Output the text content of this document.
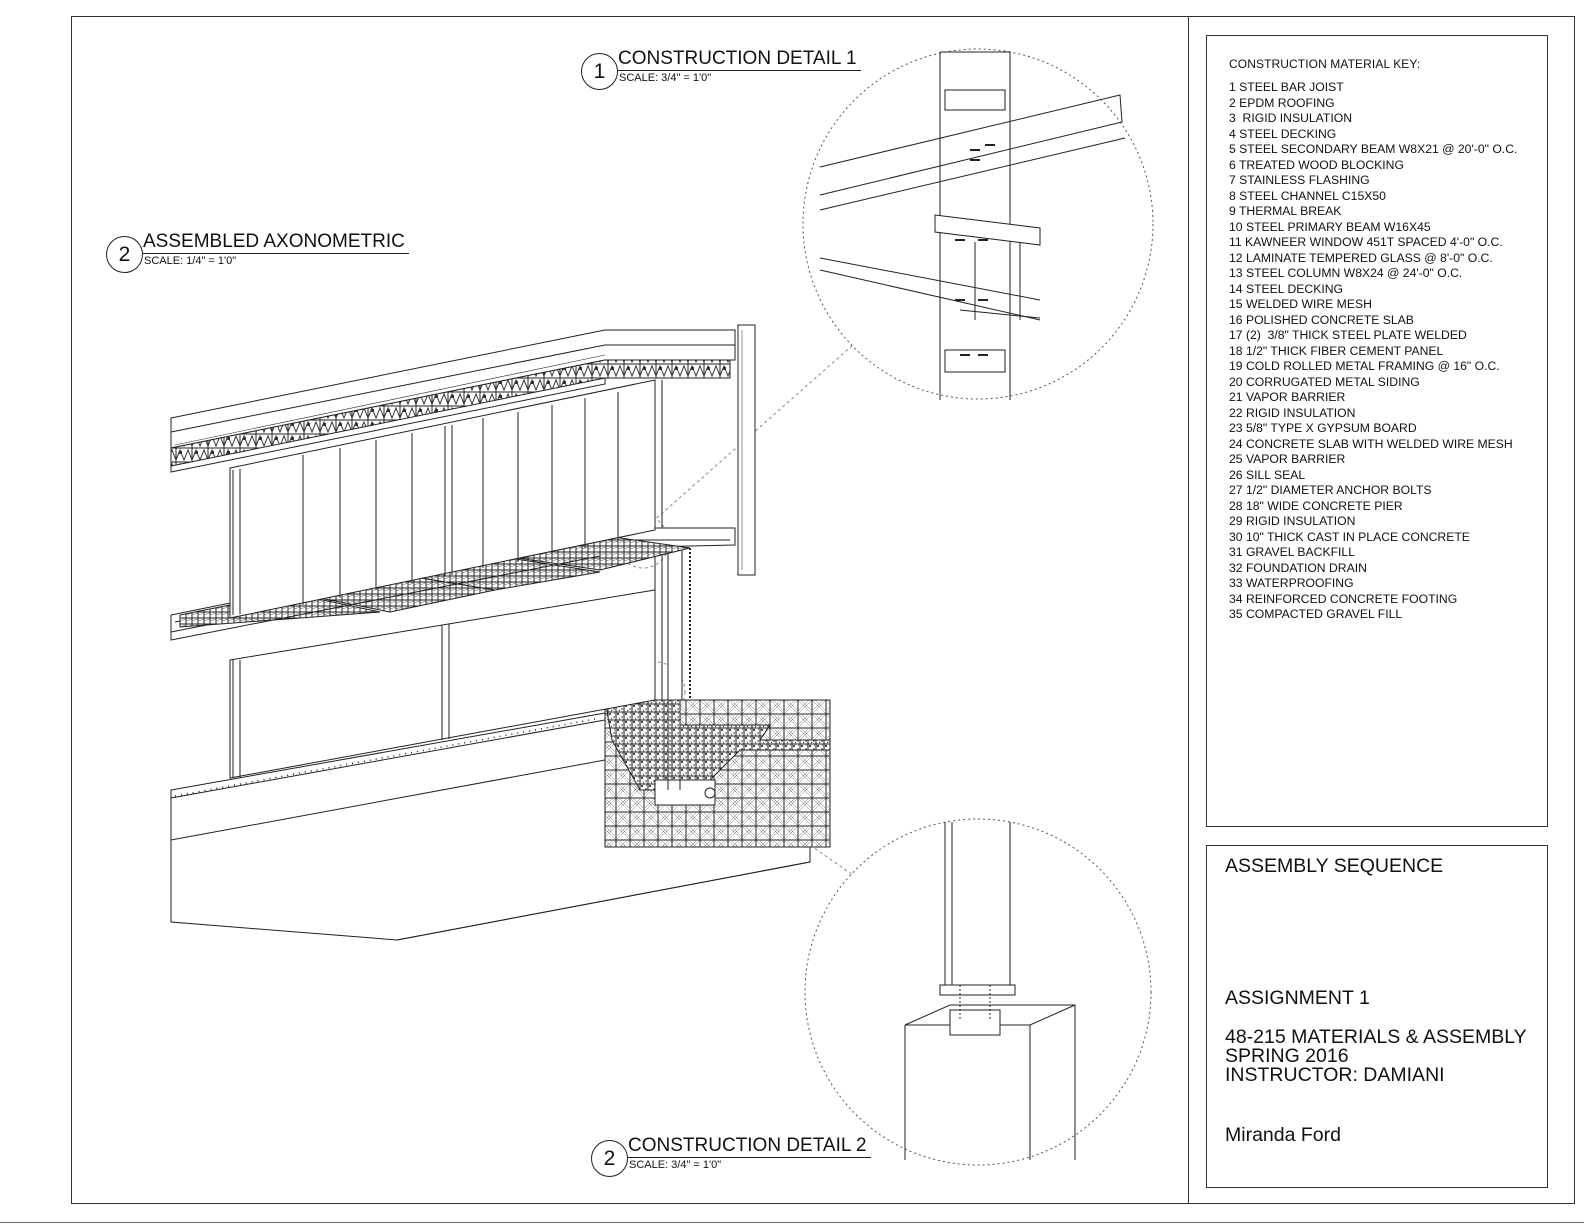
1
CONSTRUCTION DETAIL 1
SCALE: 3/4" = 1'0"
2
ASSEMBLED AXONOMETRIC
SCALE: 1/4" = 1'0"
2
CONSTRUCTION DETAIL 2
SCALE: 3/4" = 1'0"
CONSTRUCTION MATERIAL KEY:
1 STEEL BAR JOIST
2 EPDM ROOFING
3  RIGID INSULATION
4 STEEL DECKING
5 STEEL SECONDARY BEAM W8X21 @ 20'-0" O.C.
6 TREATED WOOD BLOCKING
7 STAINLESS FLASHING
8 STEEL CHANNEL C15X50
9 THERMAL BREAK
10 STEEL PRIMARY BEAM W16X45
11 KAWNEER WINDOW 451T SPACED 4'-0" O.C.
12 LAMINATE TEMPERED GLASS @ 8'-0" O.C.
13 STEEL COLUMN W8X24 @ 24'-0" O.C.
14 STEEL DECKING
15 WELDED WIRE MESH
16 POLISHED CONCRETE SLAB
17 (2)  3/8" THICK STEEL PLATE WELDED
18 1/2" THICK FIBER CEMENT PANEL
19 COLD ROLLED METAL FRAMING @ 16" O.C.
20 CORRUGATED METAL SIDING
21 VAPOR BARRIER
22 RIGID INSULATION
23 5/8" TYPE X GYPSUM BOARD
24 CONCRETE SLAB WITH WELDED WIRE MESH
25 VAPOR BARRIER
26 SILL SEAL
27 1/2" DIAMETER ANCHOR BOLTS
28 18" WIDE CONCRETE PIER
29 RIGID INSULATION
30 10" THICK CAST IN PLACE CONCRETE
31 GRAVEL BACKFILL
32 FOUNDATION DRAIN
33 WATERPROOFING
34 REINFORCED CONCRETE FOOTING
35 COMPACTED GRAVEL FILL
ASSEMBLY SEQUENCE
ASSIGNMENT 1
48-215 MATERIALS & ASSEMBLY
SPRING 2016
INSTRUCTOR: DAMIANI
Miranda Ford
